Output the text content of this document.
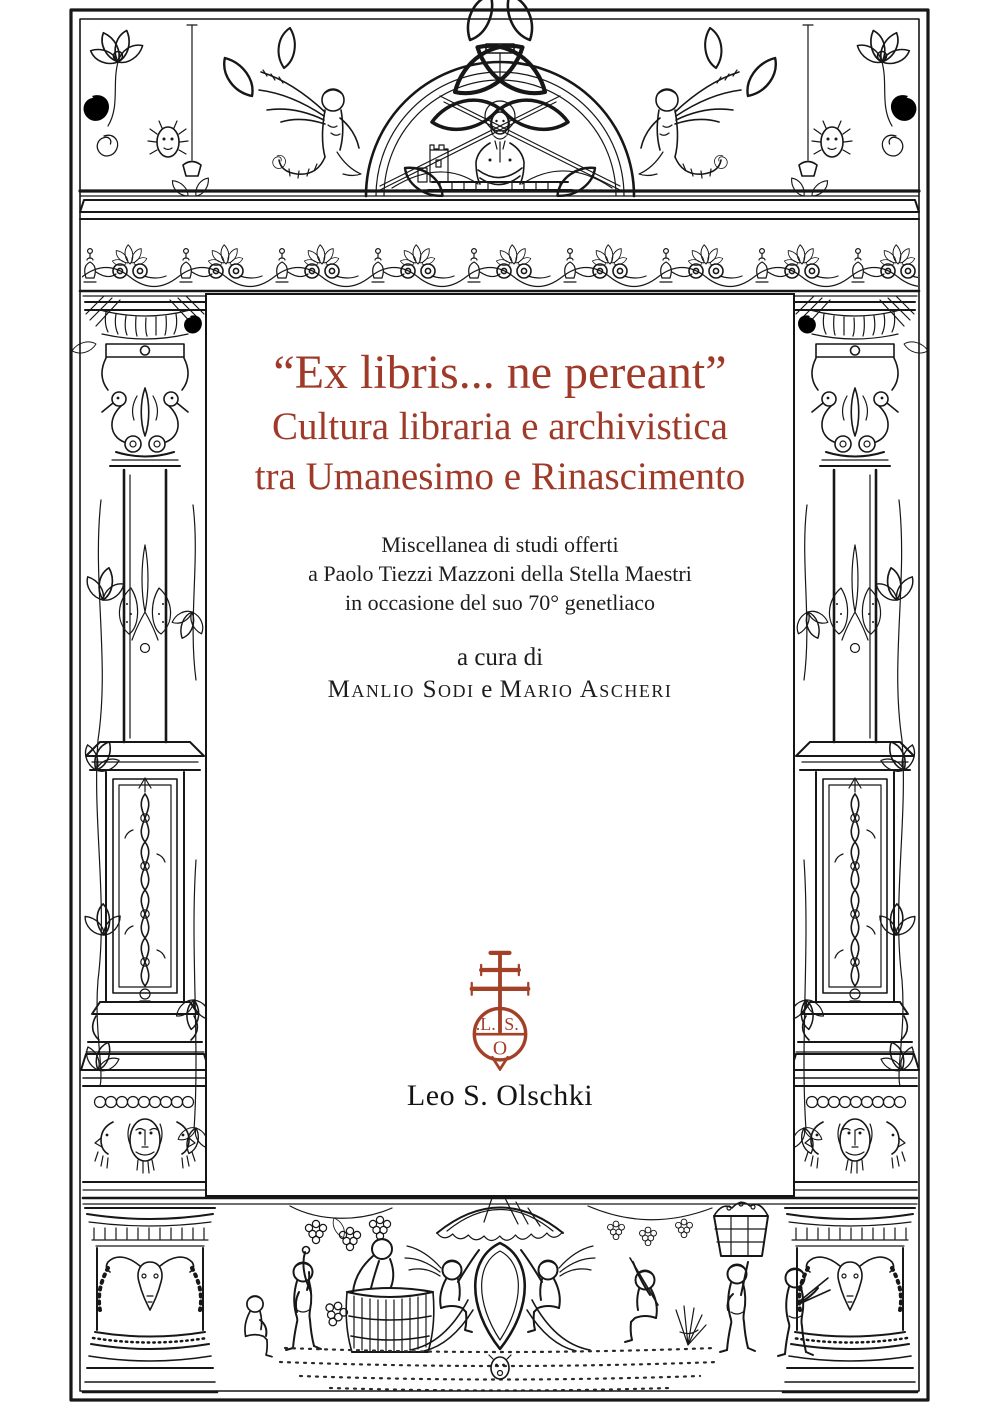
“Ex libris... ne pereant”

Cultura libraria e archivistica

tra Umanesimo e Rinascimento

Miscellanea di studi offerti

a Paolo Tiezzi Mazzoni della Stella Maestri

in occasione del suo 70° genetliaco

a cura di

Manlio Sodi e Mario Ascheri

.L. S.
O

Leo S. Olschki
